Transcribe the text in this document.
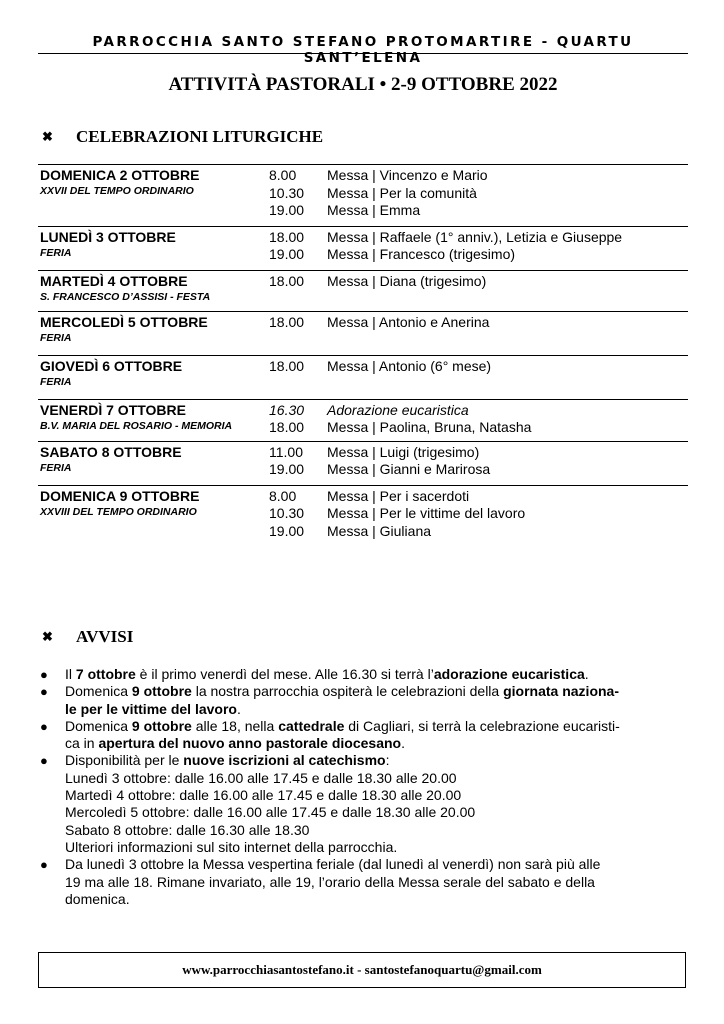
PARROCCHIA SANTO STEFANO PROTOMARTIRE - QUARTU SANT’ELENA
ATTIVITÀ PASTORALI • 2-9 OTTOBRE 2022
✖	CELEBRAZIONI LITURGICHE
DOMENICA 2 OTTOBRE
XXVII DEL TEMPO ORDINARIO
8.00	Messa | Vincenzo e Mario
10.30	Messa | Per la comunità
19.00	Messa | Emma
LUNEDÌ 3 OTTOBRE
FERIA
18.00	Messa | Raffaele (1° anniv.), Letizia e Giuseppe
19.00	Messa | Francesco (trigesimo)
MARTEDÌ 4 OTTOBRE
S. FRANCESCO D’ASSISI - FESTA
18.00	Messa | Diana (trigesimo)
MERCOLEDÌ 5 OTTOBRE
FERIA
18.00	Messa | Antonio e Anerina
GIOVEDÌ 6 OTTOBRE
FERIA
18.00	Messa | Antonio (6° mese)
VENERDÌ 7 OTTOBRE
B.V. MARIA DEL ROSARIO - MEMORIA
16.30	Adorazione eucaristica
18.00	Messa | Paolina, Bruna, Natasha
SABATO 8 OTTOBRE
FERIA
11.00	Messa | Luigi (trigesimo)
19.00	Messa | Gianni e Marirosa
DOMENICA 9 OTTOBRE
XXVIII DEL TEMPO ORDINARIO
8.00	Messa | Per i sacerdoti
10.30	Messa | Per le vittime del lavoro
19.00	Messa | Giuliana
✖	AVVISI
● Il 7 ottobre è il primo venerdì del mese. Alle 16.30 si terrà l’adorazione eucaristica.
● Domenica 9 ottobre la nostra parrocchia ospiterà le celebrazioni della giornata naziona-
le per le vittime del lavoro.
● Domenica 9 ottobre alle 18, nella cattedrale di Cagliari, si terrà la celebrazione eucaristi-
ca in apertura del nuovo anno pastorale diocesano.
● Disponibilità per le nuove iscrizioni al catechismo:
Lunedì 3 ottobre: dalle 16.00 alle 17.45 e dalle 18.30 alle 20.00
Martedì 4 ottobre: dalle 16.00 alle 17.45 e dalle 18.30 alle 20.00
Mercoledì 5 ottobre: dalle 16.00 alle 17.45 e dalle 18.30 alle 20.00
Sabato 8 ottobre: dalle 16.30 alle 18.30
Ulteriori informazioni sul sito internet della parrocchia.
● Da lunedì 3 ottobre la Messa vespertina feriale (dal lunedì al venerdì) non sarà più alle
19 ma alle 18. Rimane invariato, alle 19, l’orario della Messa serale del sabato e della
domenica.
www.parrocchiasantostefano.it - santostefanoquartu@gmail.com
